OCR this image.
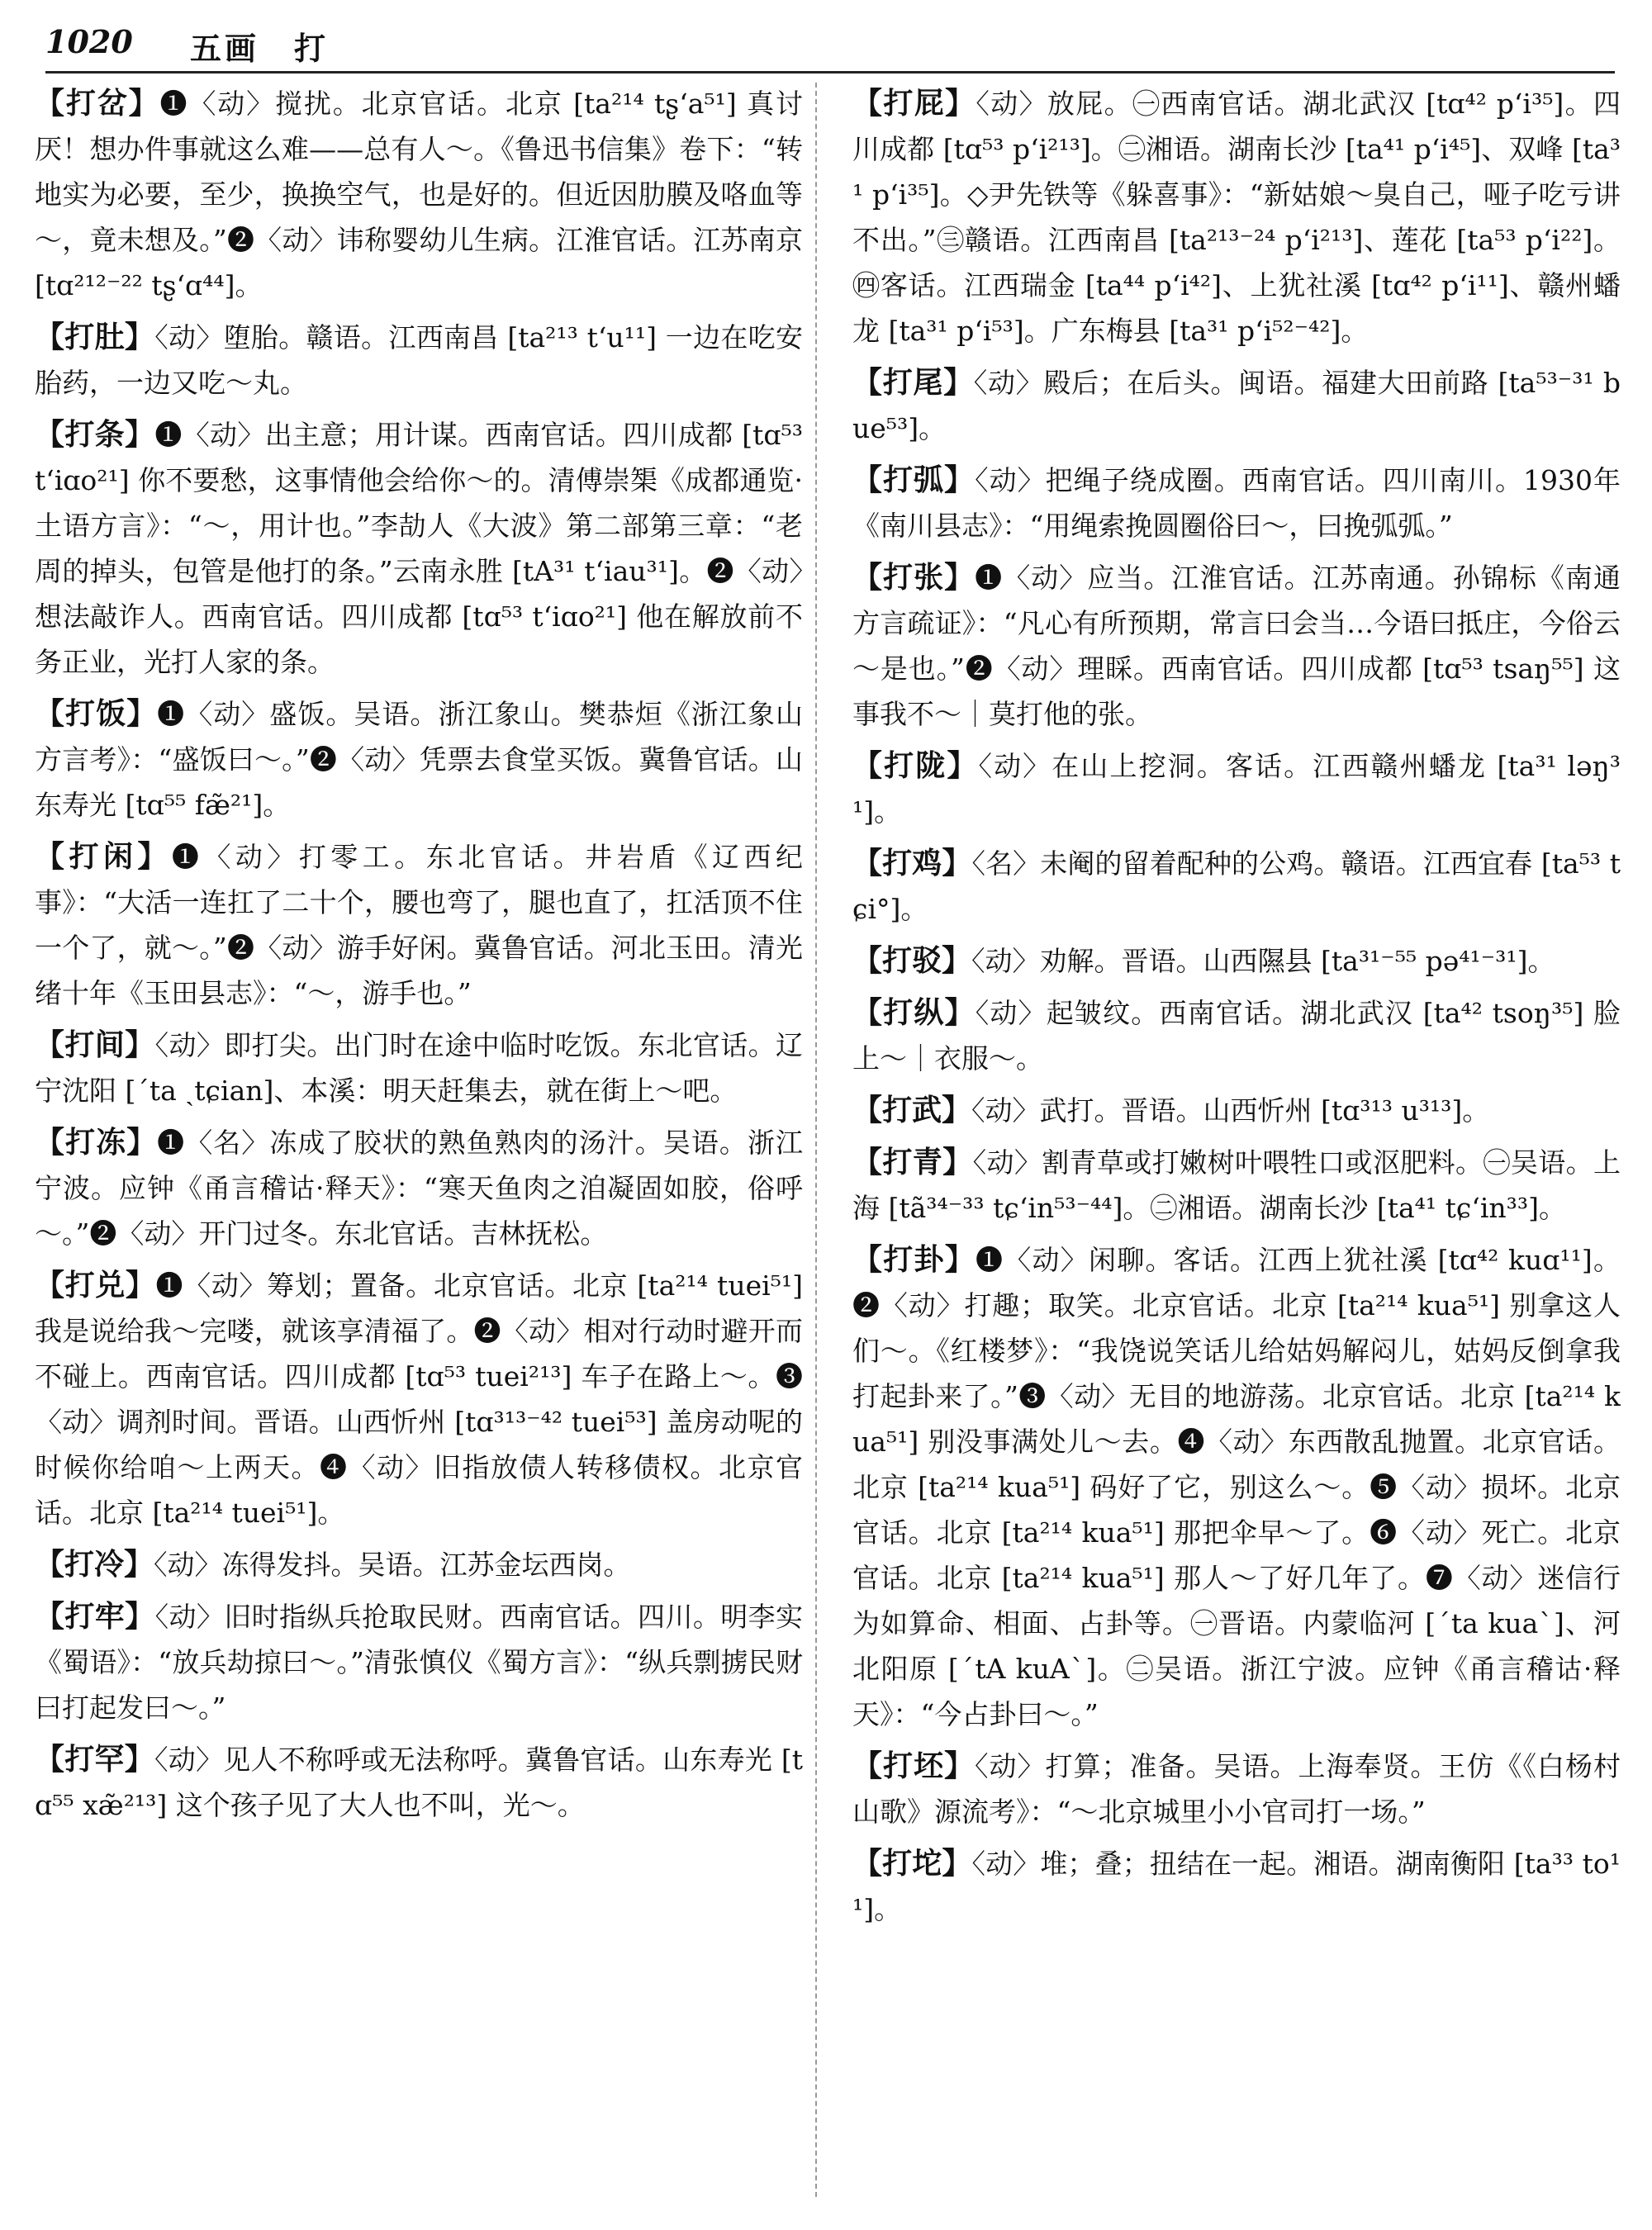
1020 五画　打

【打岔】❶〈动〉搅扰。北京官话。北京 [ta²¹⁴ tʂʻa⁵¹] 真讨厌！想办件事就这么难——总有人～。《鲁迅书信集》卷下：“转地实为必要，至少，换换空气，也是好的。但近因肋膜及咯血等～，竟未想及。”❷〈动〉讳称婴幼儿生病。江淮官话。江苏南京 [tɑ²¹²⁻²² tʂʻɑ⁴⁴]。

【打肚】〈动〉堕胎。赣语。江西南昌 [ta²¹³ tʻu¹¹] 一边在吃安胎药，一边又吃～丸。

【打条】❶〈动〉出主意；用计谋。西南官话。四川成都 [tɑ⁵³ tʻiɑo²¹] 你不要愁，这事情他会给你～的。清傅崇榘《成都通览·土语方言》：“～，用计也。”李劼人《大波》第二部第三章：“老周的掉头，包管是他打的条。”云南永胜 [tA³¹ tʻiau³¹]。❷〈动〉想法敲诈人。西南官话。四川成都 [tɑ⁵³ tʻiɑo²¹] 他在解放前不务正业，光打人家的条。

【打饭】❶〈动〉盛饭。吴语。浙江象山。樊恭烜《浙江象山方言考》：“盛饭曰～。”❷〈动〉凭票去食堂买饭。冀鲁官话。山东寿光 [tɑ⁵⁵ fæ̃²¹]。

【打闲】❶〈动〉打零工。东北官话。井岩盾《辽西纪事》：“大活一连扛了二十个，腰也弯了，腿也直了，扛活顶不住一个了，就～。”❷〈动〉游手好闲。冀鲁官话。河北玉田。清光绪十年《玉田县志》：“～，游手也。”

【打间】〈动〉即打尖。出门时在途中临时吃饭。东北官话。辽宁沈阳 [ˊta ˏtɕian]、本溪：明天赶集去，就在街上～吧。

【打冻】❶〈名〉冻成了胶状的熟鱼熟肉的汤汁。吴语。浙江宁波。应钟《甬言稽诂·释天》：“寒天鱼肉之洎凝固如胶，俗呼～。”❷〈动〉开门过冬。东北官话。吉林抚松。

【打兑】❶〈动〉筹划；置备。北京官话。北京 [ta²¹⁴ tuei⁵¹] 我是说给我～完喽，就该享清福了。❷〈动〉相对行动时避开而不碰上。西南官话。四川成都 [tɑ⁵³ tuei²¹³] 车子在路上～。❸〈动〉调剂时间。晋语。山西忻州 [tɑ³¹³⁻⁴² tuei⁵³] 盖房动呢的时候你给咱～上两天。❹〈动〉旧指放债人转移债权。北京官话。北京 [ta²¹⁴ tuei⁵¹]。

【打冷】〈动〉冻得发抖。吴语。江苏金坛西岗。

【打牢】〈动〉旧时指纵兵抢取民财。西南官话。四川。明李实《蜀语》：“放兵劫掠曰～。”清张慎仪《蜀方言》：“纵兵剽掳民财曰打起发曰～。”

【打罕】〈动〉见人不称呼或无法称呼。冀鲁官话。山东寿光 [tɑ⁵⁵ xæ̃²¹³] 这个孩子见了大人也不叫，光～。

【打屁】〈动〉放屁。㊀西南官话。湖北武汉 [tɑ⁴² pʻi³⁵]。四川成都 [tɑ⁵³ pʻi²¹³]。㊁湘语。湖南长沙 [ta⁴¹ pʻi⁴⁵]、双峰 [ta³¹ pʻi³⁵]。◇尹先铁等《躲喜事》：“新姑娘～臭自己，哑子吃亏讲不出。”㊂赣语。江西南昌 [ta²¹³⁻²⁴ pʻi²¹³]、莲花 [ta⁵³ pʻi²²]。㊃客话。江西瑞金 [ta⁴⁴ pʻi⁴²]、上犹社溪 [tɑ⁴² pʻi¹¹]、赣州蟠龙 [ta³¹ pʻi⁵³]。广东梅县 [ta³¹ pʻi⁵²⁻⁴²]。

【打尾】〈动〉殿后；在后头。闽语。福建大田前路 [ta⁵³⁻³¹ bue⁵³]。

【打弧】〈动〉把绳子绕成圈。西南官话。四川南川。1930年《南川县志》：“用绳索挽圆圈俗曰～，曰挽弧弧。”

【打张】❶〈动〉应当。江淮官话。江苏南通。孙锦标《南通方言疏证》：“凡心有所预期，常言曰会当…今语曰抵庄，今俗云～是也。”❷〈动〉理睬。西南官话。四川成都 [tɑ⁵³ tsaŋ⁵⁵] 这事我不～｜莫打他的张。

【打陇】〈动〉在山上挖洞。客话。江西赣州蟠龙 [ta³¹ ləŋ³¹]。

【打鸡】〈名〉未阉的留着配种的公鸡。赣语。江西宜春 [ta⁵³ tɕi°]。

【打驳】〈动〉劝解。晋语。山西隰县 [ta³¹⁻⁵⁵ pə⁴¹⁻³¹]。

【打纵】〈动〉起皱纹。西南官话。湖北武汉 [ta⁴² tsoŋ³⁵] 脸上～｜衣服～。

【打武】〈动〉武打。晋语。山西忻州 [tɑ³¹³ u³¹³]。

【打青】〈动〉割青草或打嫩树叶喂牲口或沤肥料。㊀吴语。上海 [tã³⁴⁻³³ tɕʻin⁵³⁻⁴⁴]。㊁湘语。湖南长沙 [ta⁴¹ tɕʻin³³]。

【打卦】❶〈动〉闲聊。客话。江西上犹社溪 [tɑ⁴² kuɑ¹¹]。❷〈动〉打趣；取笑。北京官话。北京 [ta²¹⁴ kua⁵¹] 别拿这人们～。《红楼梦》：“我饶说笑话儿给姑妈解闷儿，姑妈反倒拿我打起卦来了。”❸〈动〉无目的地游荡。北京官话。北京 [ta²¹⁴ kua⁵¹] 别没事满处儿～去。❹〈动〉东西散乱抛置。北京官话。北京 [ta²¹⁴ kua⁵¹] 码好了它，别这么～。❺〈动〉损坏。北京官话。北京 [ta²¹⁴ kua⁵¹] 那把伞早～了。❻〈动〉死亡。北京官话。北京 [ta²¹⁴ kua⁵¹] 那人～了好几年了。❼〈动〉迷信行为如算命、相面、占卦等。㊀晋语。内蒙临河 [ˊta kuaˋ]、河北阳原 [ˊtA kuAˋ]。㊁吴语。浙江宁波。应钟《甬言稽诂·释天》：“今占卦曰～。”

【打坯】〈动〉打算；准备。吴语。上海奉贤。王仿《《白杨村山歌》源流考》：“～北京城里小小官司打一场。”

【打坨】〈动〉堆；叠；扭结在一起。湘语。湖南衡阳 [ta³³ to¹¹]。
